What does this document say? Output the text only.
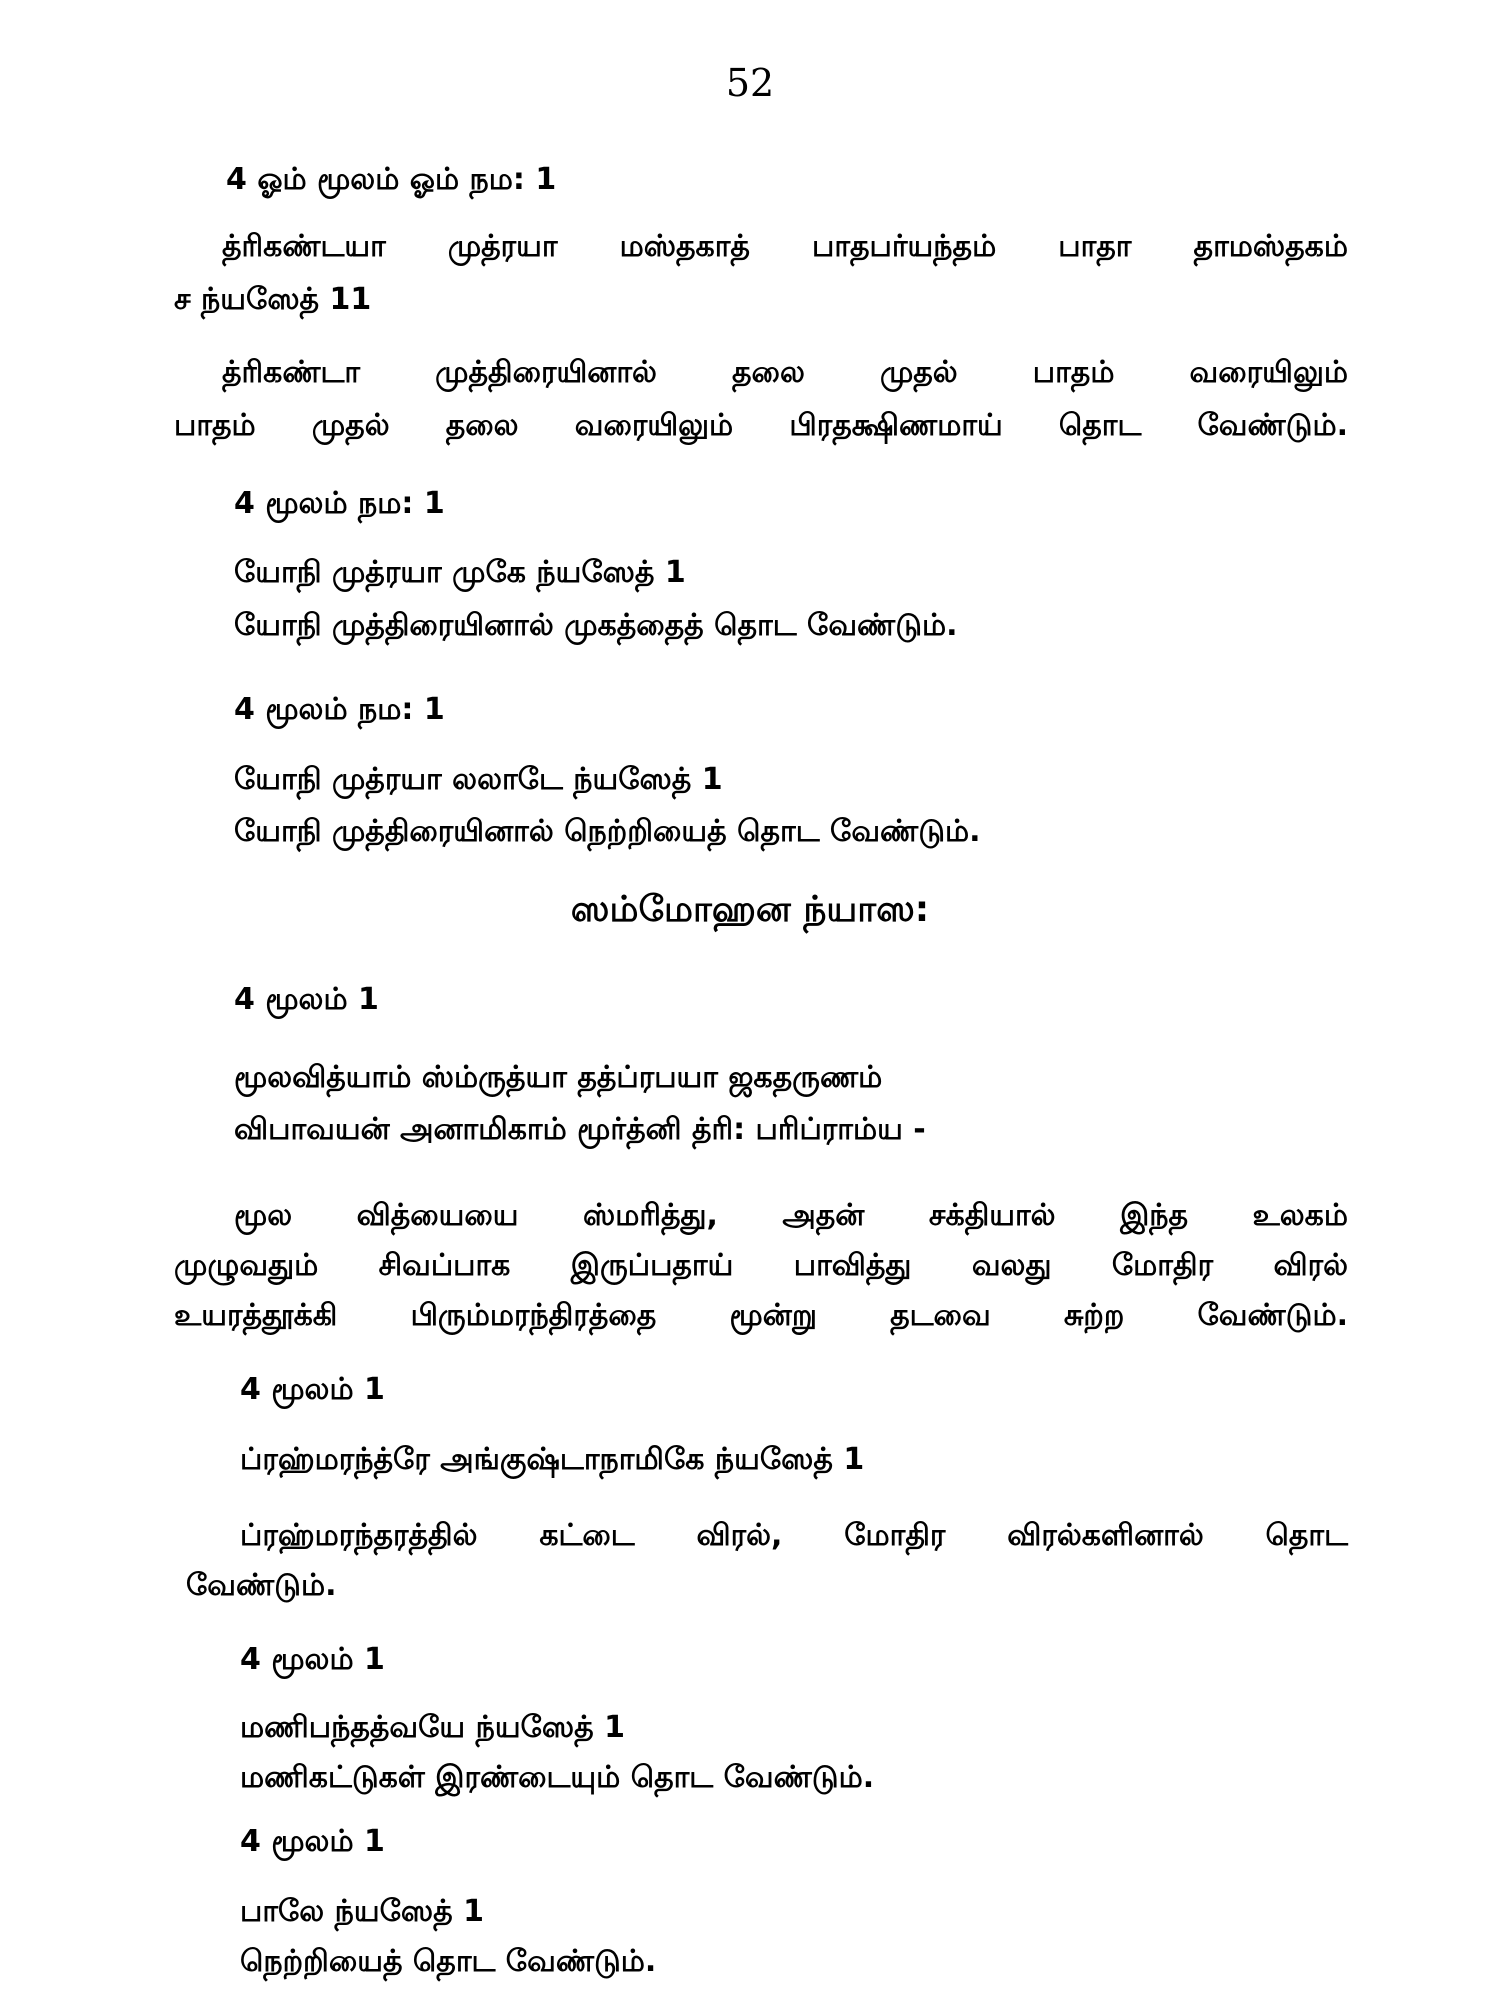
52
4 ஓம் மூலம் ஓம் நம: 1
த்ரிகண்டயா முத்ரயா மஸ்தகாத் பாதபர்யந்தம் பாதா தாமஸ்தகம்
ச ந்யஸேத் 11
த்ரிகண்டா முத்திரையினால் தலை முதல் பாதம் வரையிலும்
பாதம் முதல் தலை வரையிலும் பிரதக்ஷிணமாய் தொட வேண்டும்.
4 மூலம் நம: 1
யோநி முத்ரயா முகே ந்யஸேத் 1
யோநி முத்திரையினால் முகத்தைத் தொட வேண்டும்.
4 மூலம் நம: 1
யோநி முத்ரயா லலாடே ந்யஸேத் 1
யோநி முத்திரையினால் நெற்றியைத் தொட வேண்டும்.
ஸம்மோஹன ந்யாஸ:
4 மூலம் 1
மூலவித்யாம் ஸ்ம்ருத்யா தத்ப்ரபயா ஜகதருணம்
விபாவயன் அனாமிகாம் மூர்த்னி த்ரி: பரிப்ராம்ய -
மூல வித்யையை ஸ்மரித்து, அதன் சக்தியால் இந்த உலகம்
முழுவதும் சிவப்பாக இருப்பதாய் பாவித்து வலது மோதிர விரல்
உயரத்தூக்கி பிரும்மரந்திரத்தை மூன்று தடவை சுற்ற வேண்டும்.
4 மூலம் 1
ப்ரஹ்மரந்த்ரே அங்குஷ்டாநாமிகே ந்யஸேத் 1
ப்ரஹ்மரந்தரத்தில் கட்டை விரல், மோதிர விரல்களினால் தொட
வேண்டும்.
4 மூலம் 1
மணிபந்தத்வயே ந்யஸேத் 1
மணிகட்டுகள் இரண்டையும் தொட வேண்டும்.
4 மூலம் 1
பாலே ந்யஸேத் 1
நெற்றியைத் தொட வேண்டும்.
